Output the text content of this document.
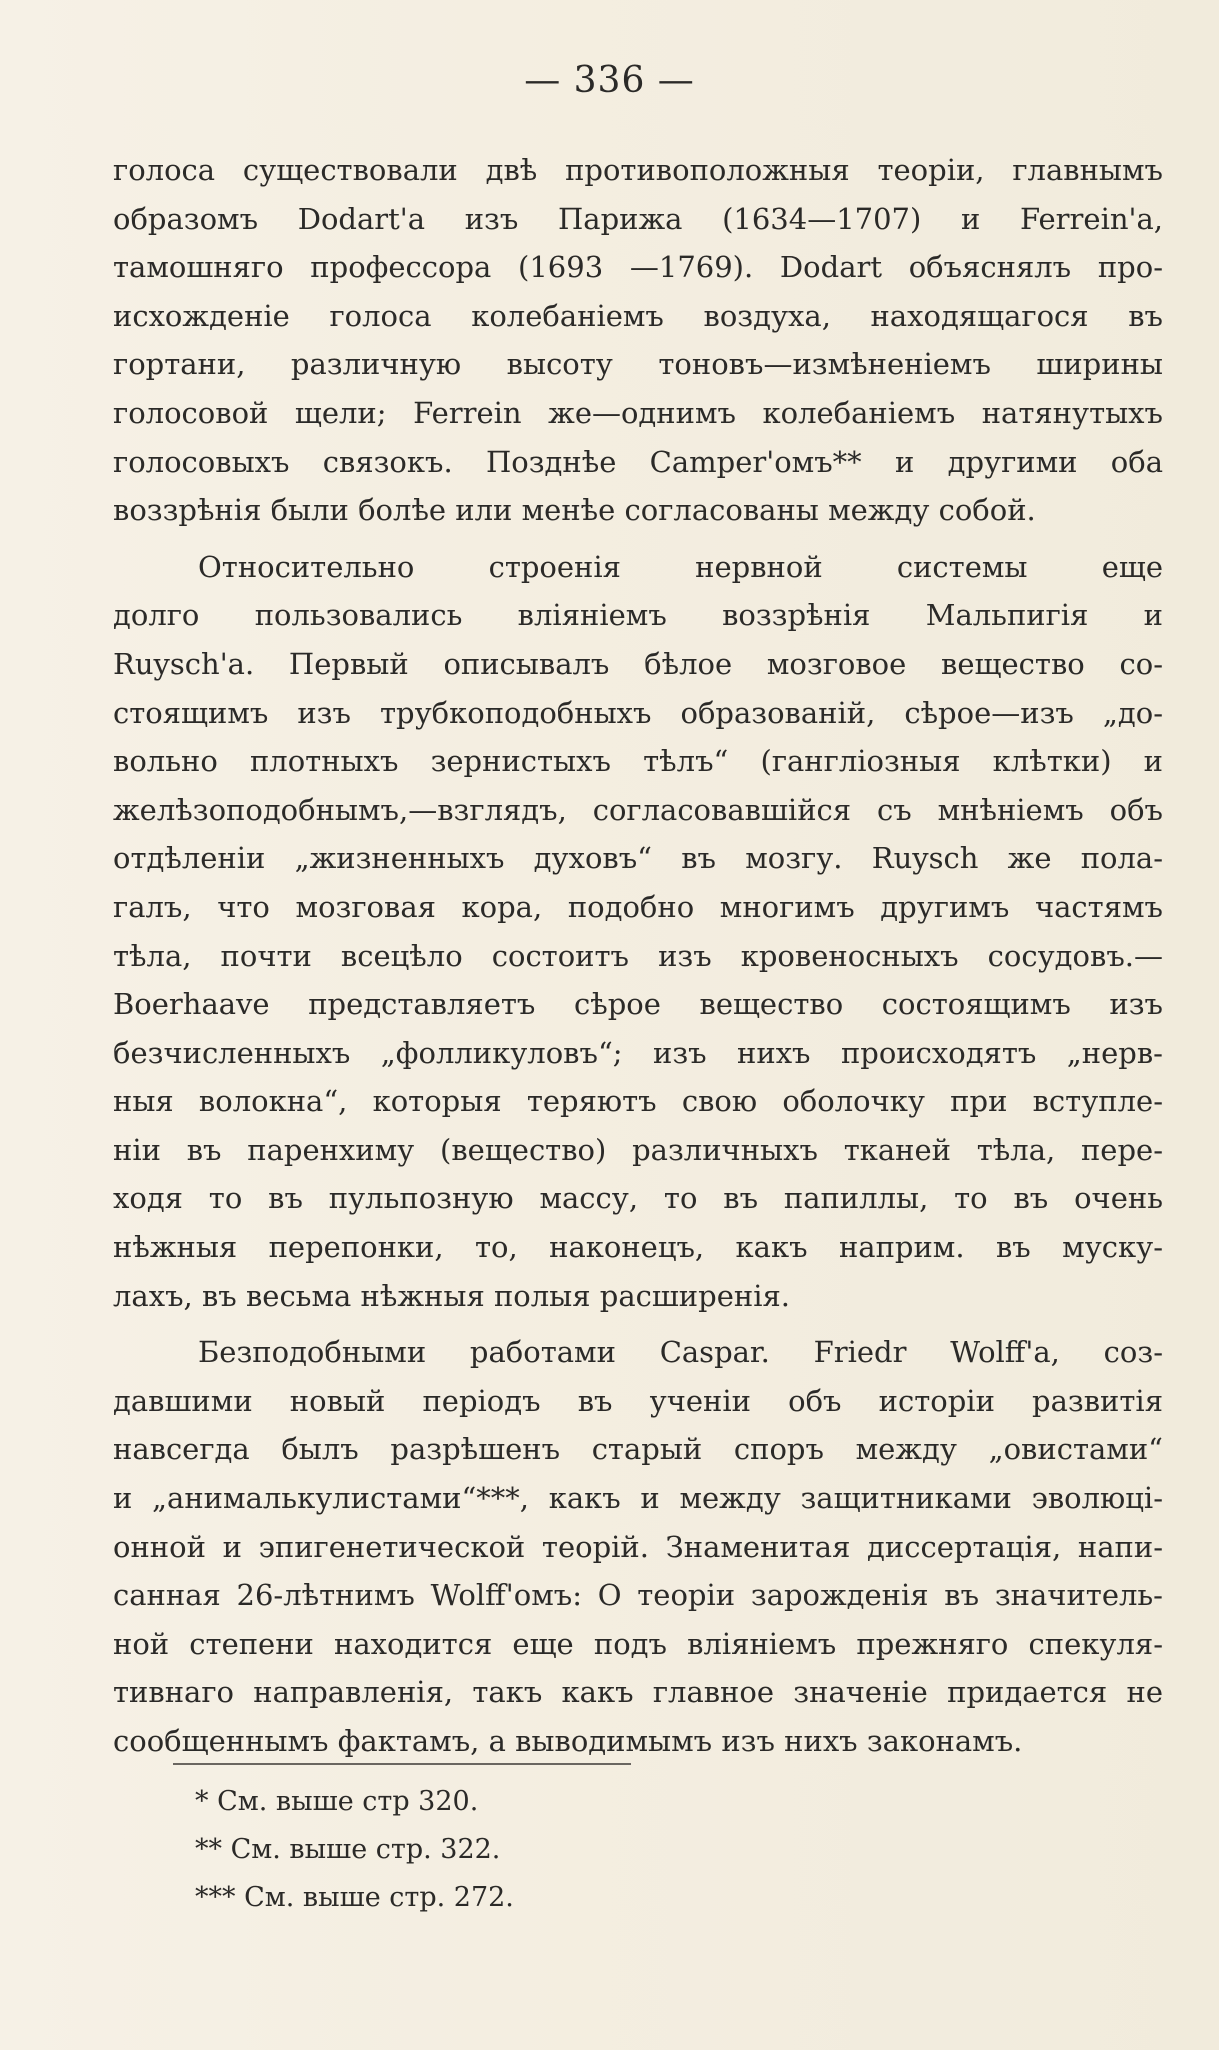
— 336 —
голоса существовали двѣ противоположныя теоріи, главнымъ
образомъ Dodart'a изъ Парижа (1634—1707) и Ferrein'a,
тамошняго профессора (1693 —1769). Dodart объяснялъ про-
исхожденіе голоса колебаніемъ воздуха, находящагося въ
гортани, различную высоту тоновъ—измѣненіемъ ширины
голосовой щели; Ferrein же—однимъ колебаніемъ натянутыхъ
голосовыхъ связокъ. Позднѣе Camper'омъ** и другими оба
воззрѣнія были болѣе или менѣе согласованы между собой.
Относительно строенія нервной системы еще
долго пользовались вліяніемъ воззрѣнія Мальпигія и
Ruysch'a. Первый описывалъ бѣлое мозговое вещество со-
стоящимъ изъ трубкоподобныхъ образованій, сѣрое—изъ „до-
вольно плотныхъ зернистыхъ тѣлъ“ (гангліозныя клѣтки) и
желѣзоподобнымъ,—взглядъ, согласовавшійся съ мнѣніемъ объ
отдѣленіи „жизненныхъ духовъ“ въ мозгу. Ruysch же пола-
галъ, что мозговая кора, подобно многимъ другимъ частямъ
тѣла, почти всецѣло состоитъ изъ кровеносныхъ сосудовъ.—
Boerhaave представляетъ сѣрое вещество состоящимъ изъ
безчисленныхъ „фолликуловъ“; изъ нихъ происходятъ „нерв-
ныя волокна“, которыя теряютъ свою оболочку при вступле-
ніи въ паренхиму (вещество) различныхъ тканей тѣла, пере-
ходя то въ пульпозную массу, то въ папиллы, то въ очень
нѣжныя перепонки, то, наконецъ, какъ наприм. въ муску-
лахъ, въ весьма нѣжныя полыя расширенія.
Безподобными работами Caspar. Friedr Wolff'a, соз-
давшими новый періодъ въ ученіи объ исторіи развитія
навсегда былъ разрѣшенъ старый споръ между „овистами“
и „анималькулистами“***, какъ и между защитниками эволюці-
онной и эпигенетической теорій. Знаменитая диссертація, напи-
санная 26-лѣтнимъ Wolff'омъ: О теоріи зарожденія въ значитель-
ной степени находится еще подъ вліяніемъ прежняго спекуля-
тивнаго направленія, такъ какъ главное значеніе придается не
сообщеннымъ фактамъ, а выводимымъ изъ нихъ законамъ.
* См. выше стр 320.
** См. выше стр. 322.
*** См. выше стр. 272.
